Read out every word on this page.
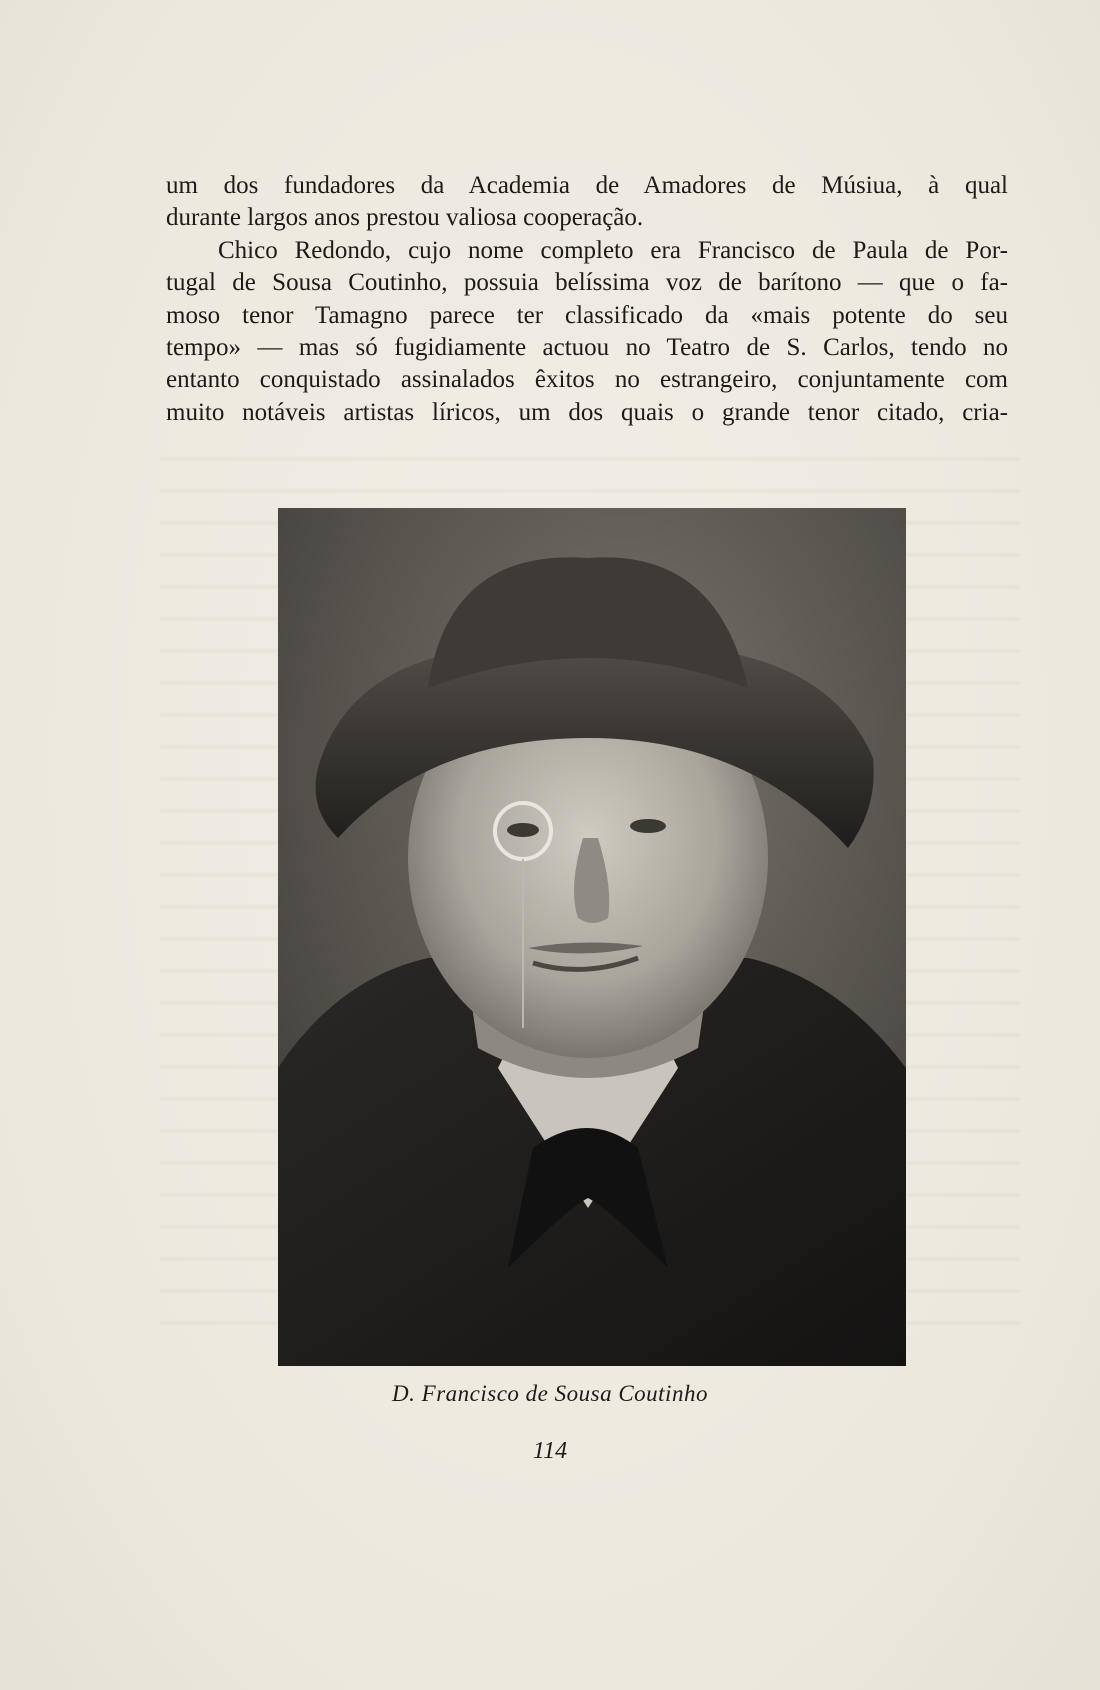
um dos fundadores da Academia de Amadores de Músiua, à qual
durante largos anos prestou valiosa cooperação.
Chico Redondo, cujo nome completo era Francisco de Paula de Por-
tugal de Sousa Coutinho, possuia belíssima voz de barítono — que o fa-
moso tenor Tamagno parece ter classificado da «mais potente do seu
tempo» — mas só fugidiamente actuou no Teatro de S. Carlos, tendo no
entanto conquistado assinalados êxitos no estrangeiro, conjuntamente com
muito notáveis artistas líricos, um dos quais o grande tenor citado, cria-
D. Francisco de Sousa Coutinho
114
